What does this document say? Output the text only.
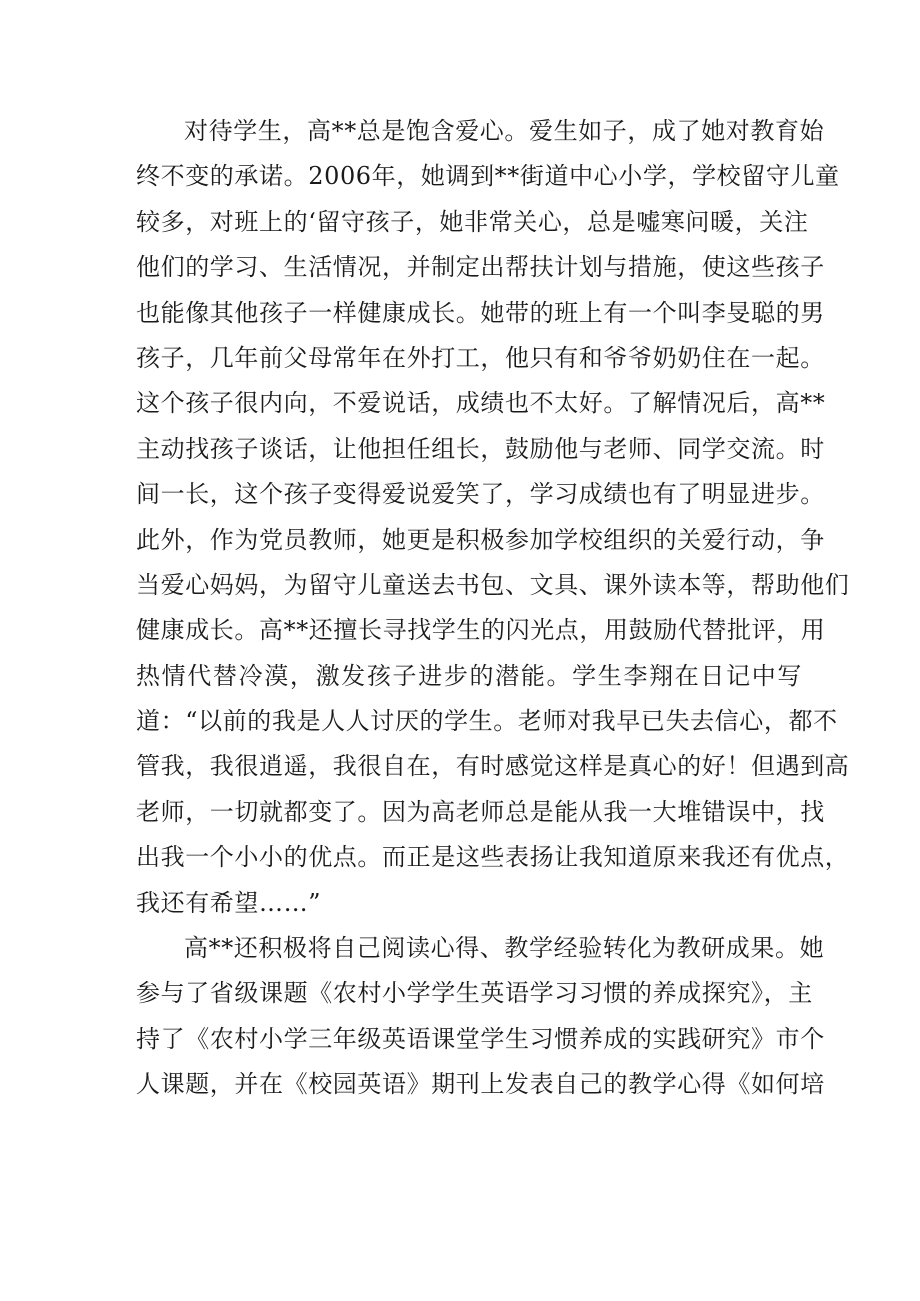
对待学生，高**总是饱含爱心。爱生如子，成了她对教育始
终不变的承诺。2006年，她调到**街道中心小学，学校留守儿童
较多，对班上的‘留守孩子，她非常关心，总是嘘寒问暖，关注
他们的学习、生活情况，并制定出帮扶计划与措施，使这些孩子
也能像其他孩子一样健康成长。她带的班上有一个叫李旻聪的男
孩子，几年前父母常年在外打工，他只有和爷爷奶奶住在一起。
这个孩子很内向，不爱说话，成绩也不太好。了解情况后，高**
主动找孩子谈话，让他担任组长，鼓励他与老师、同学交流。时
间一长，这个孩子变得爱说爱笑了，学习成绩也有了明显进步。
此外，作为党员教师，她更是积极参加学校组织的关爱行动，争
当爱心妈妈，为留守儿童送去书包、文具、课外读本等，帮助他们
健康成长。高**还擅长寻找学生的闪光点，用鼓励代替批评，用
热情代替冷漠，激发孩子进步的潜能。学生李翔在日记中写
道：“以前的我是人人讨厌的学生。老师对我早已失去信心，都不
管我，我很逍遥，我很自在，有时感觉这样是真心的好！但遇到高
老师，一切就都变了。因为高老师总是能从我一大堆错误中，找
出我一个小小的优点。而正是这些表扬让我知道原来我还有优点，
我还有希望……”
高**还积极将自己阅读心得、教学经验转化为教研成果。她
参与了省级课题《农村小学学生英语学习习惯的养成探究》，主
持了《农村小学三年级英语课堂学生习惯养成的实践研究》市个
人课题，并在《校园英语》期刊上发表自己的教学心得《如何培
